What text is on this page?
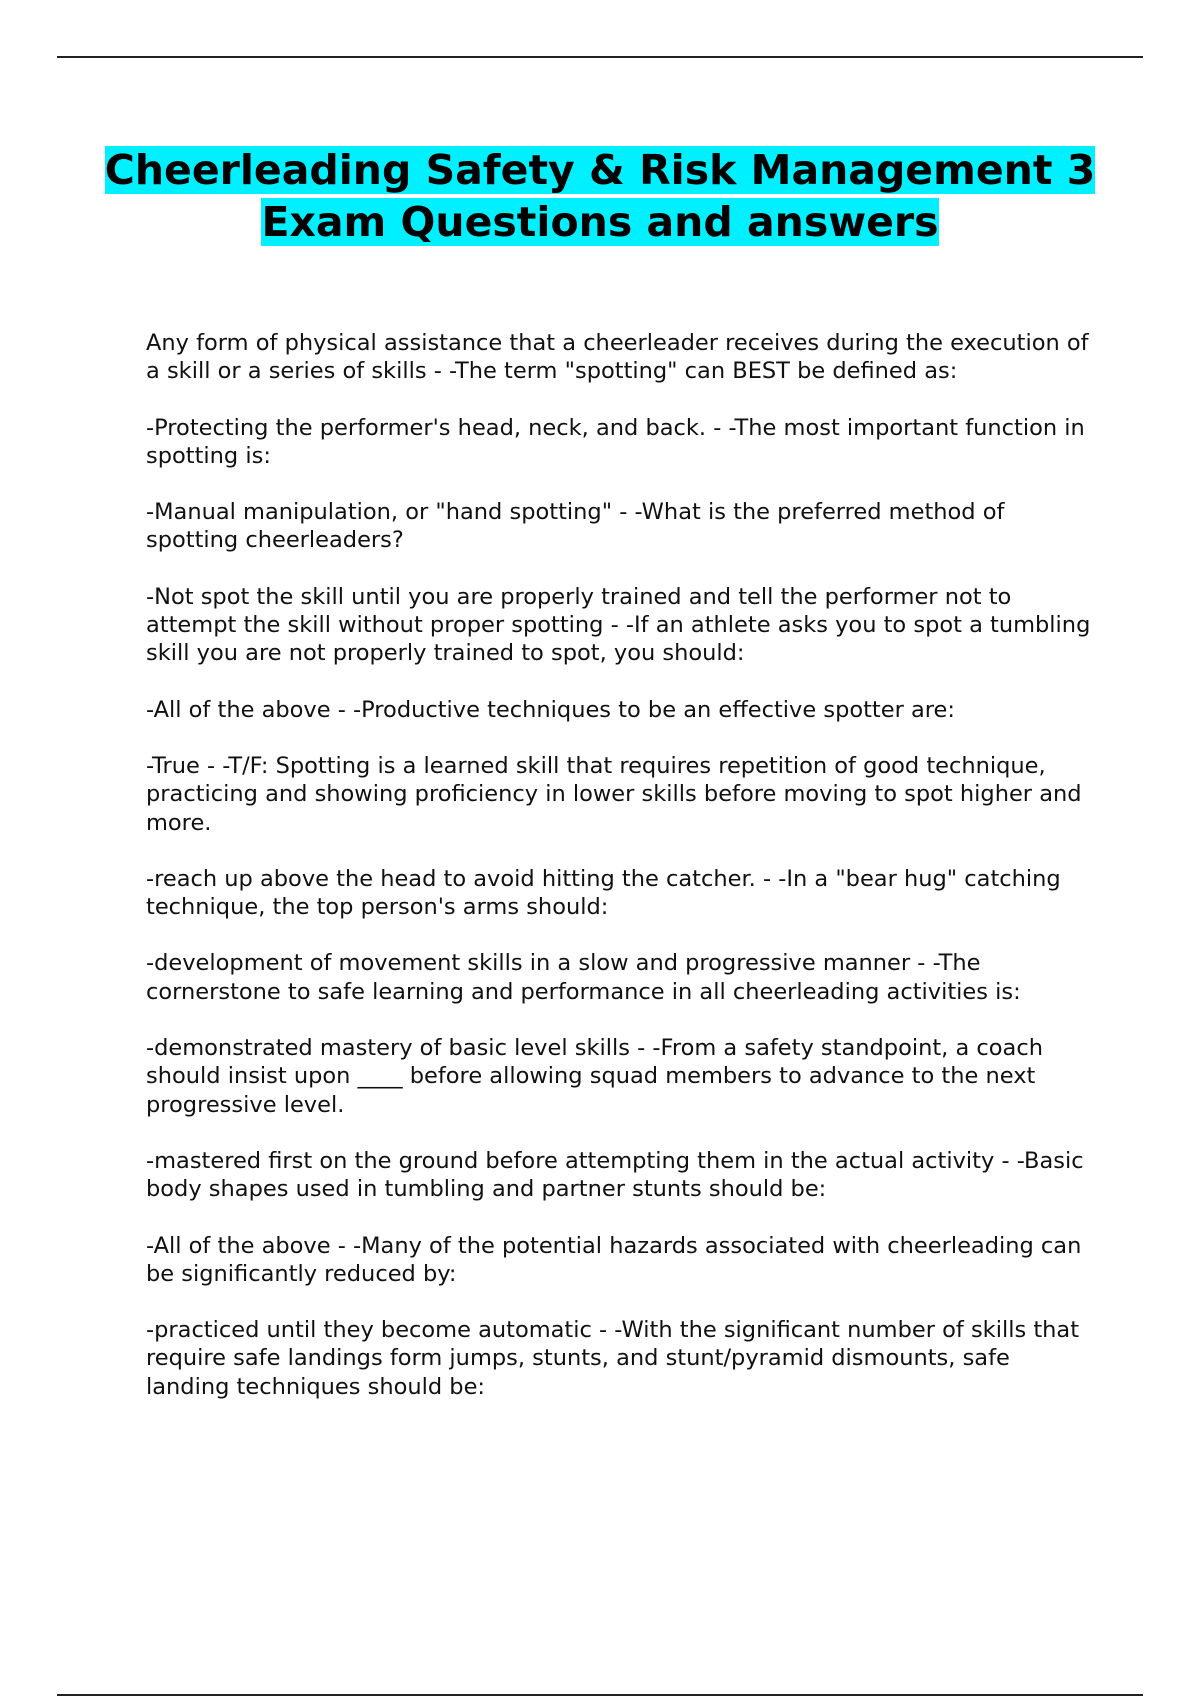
Cheerleading Safety & Risk Management 3 Exam Questions and answers

Any form of physical assistance that a cheerleader receives during the execution of a skill or a series of skills - -The term "spotting" can BEST be defined as:

-Protecting the performer's head, neck, and back. - -The most important function in spotting is:

-Manual manipulation, or "hand spotting" - -What is the preferred method of spotting cheerleaders?

-Not spot the skill until you are properly trained and tell the performer not to attempt the skill without proper spotting - -If an athlete asks you to spot a tumbling skill you are not properly trained to spot, you should:

-All of the above - -Productive techniques to be an effective spotter are:

-True - -T/F: Spotting is a learned skill that requires repetition of good technique, practicing and showing proficiency in lower skills before moving to spot higher and more.

-reach up above the head to avoid hitting the catcher. - -In a "bear hug" catching technique, the top person's arms should:

-development of movement skills in a slow and progressive manner - -The cornerstone to safe learning and performance in all cheerleading activities is:

-demonstrated mastery of basic level skills - -From a safety standpoint, a coach should insist upon ____ before allowing squad members to advance to the next progressive level.

-mastered first on the ground before attempting them in the actual activity - -Basic body shapes used in tumbling and partner stunts should be:

-All of the above - -Many of the potential hazards associated with cheerleading can be significantly reduced by:

-practiced until they become automatic - -With the significant number of skills that require safe landings form jumps, stunts, and stunt/pyramid dismounts, safe landing techniques should be:
